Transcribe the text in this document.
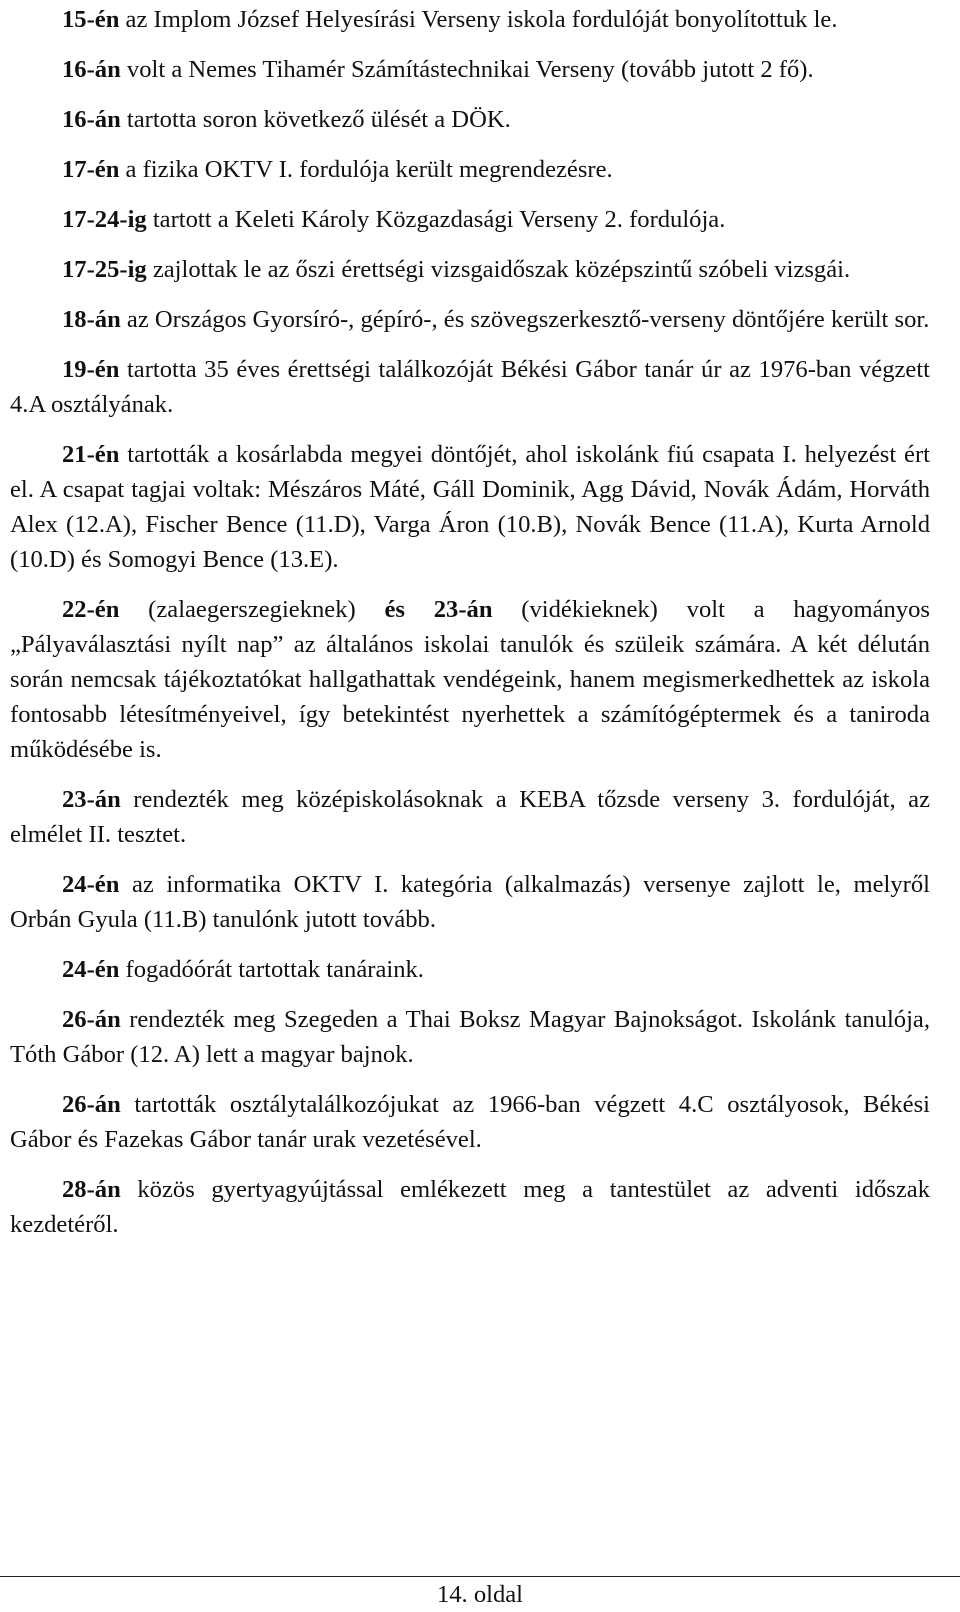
15-én az Implom József Helyesírási Verseny iskola fordulóját bonyolítottuk le.

16-án volt a Nemes Tihamér Számítástechnikai Verseny (tovább jutott 2 fő).

16-án tartotta soron következő ülését a DÖK.

17-én a fizika OKTV I. fordulója került megrendezésre.

17-24-ig tartott a Keleti Károly Közgazdasági Verseny 2. fordulója.

17-25-ig zajlottak le az őszi érettségi vizsgaidőszak középszintű szóbeli vizsgái.

18-án az Országos Gyorsíró-, gépíró-, és szövegszerkesztő-verseny döntőjére került sor.

19-én tartotta 35 éves érettségi találkozóját Békési Gábor tanár úr az 1976-ban végzett 4.A osztályának.

21-én tartották a kosárlabda megyei döntőjét, ahol iskolánk fiú csapata I. helyezést ért el. A csapat tagjai voltak: Mészáros Máté, Gáll Dominik, Agg Dávid, Novák Ádám, Horváth Alex (12.A), Fischer Bence (11.D), Varga Áron (10.B), Novák Bence (11.A), Kurta Arnold (10.D) és Somogyi Bence (13.E).

22-én (zalaegerszegieknek) és 23-án (vidékieknek) volt a hagyományos „Pályaválasztási nyílt nap” az általános iskolai tanulók és szüleik számára. A két délután során nemcsak tájékoztatókat hallgathattak vendégeink, hanem megismerkedhettek az iskola fontosabb létesítményeivel, így betekintést nyerhettek a számítógéptermek és a taniroda működésébe is.

23-án rendezték meg középiskolásoknak a KEBA tőzsde verseny 3. fordulóját, az elmélet II. tesztet.

24-én az informatika OKTV I. kategória (alkalmazás) versenye zajlott le, melyről Orbán Gyula (11.B) tanulónk jutott tovább.

24-én fogadóórát tartottak tanáraink.

26-án rendezték meg Szegeden a Thai Boksz Magyar Bajnokságot. Iskolánk tanulója, Tóth Gábor (12. A) lett a magyar bajnok.

26-án tartották osztálytalálkozójukat az 1966-ban végzett 4.C osztályosok, Békési Gábor és Fazekas Gábor tanár urak vezetésével.

28-án közös gyertyagyújtással emlékezett meg a tantestület az adventi időszak kezdetéről.

14. oldal
